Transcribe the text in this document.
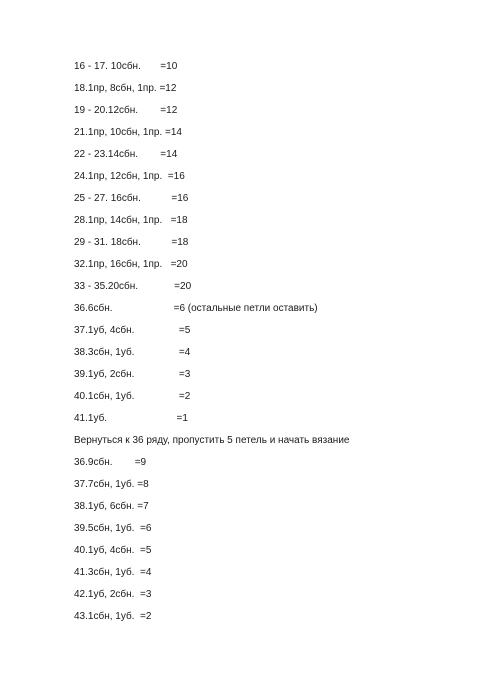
16 - 17. 10сбн.       =10
18.1пр, 8сбн, 1пр. =12
19 - 20.12сбн.        =12
21.1пр, 10сбн, 1пр. =14
22 - 23.14сбн.        =14
24.1пр, 12сбн, 1пр.  =16
25 - 27. 16сбн.           =16
28.1пр, 14сбн, 1пр.   =18
29 - 31. 18сбн.           =18
32.1пр, 16сбн, 1пр.   =20
33 - 35.20сбн.             =20
36.6сбн.                      =6 (остальные петли оставить)
37.1уб, 4сбн.                =5
38.3сбн, 1уб.                =4
39.1уб, 2сбн.                =3
40.1сбн, 1уб.                =2
41.1уб.                         =1
Вернуться к 36 ряду, пропустить 5 петель и начать вязание
36.9сбн.        =9
37.7сбн, 1уб. =8
38.1уб, 6сбн. =7
39.5сбн, 1уб.  =6
40.1уб, 4сбн.  =5
41.3сбн, 1уб.  =4
42.1уб, 2сбн.  =3
43.1сбн, 1уб.  =2
